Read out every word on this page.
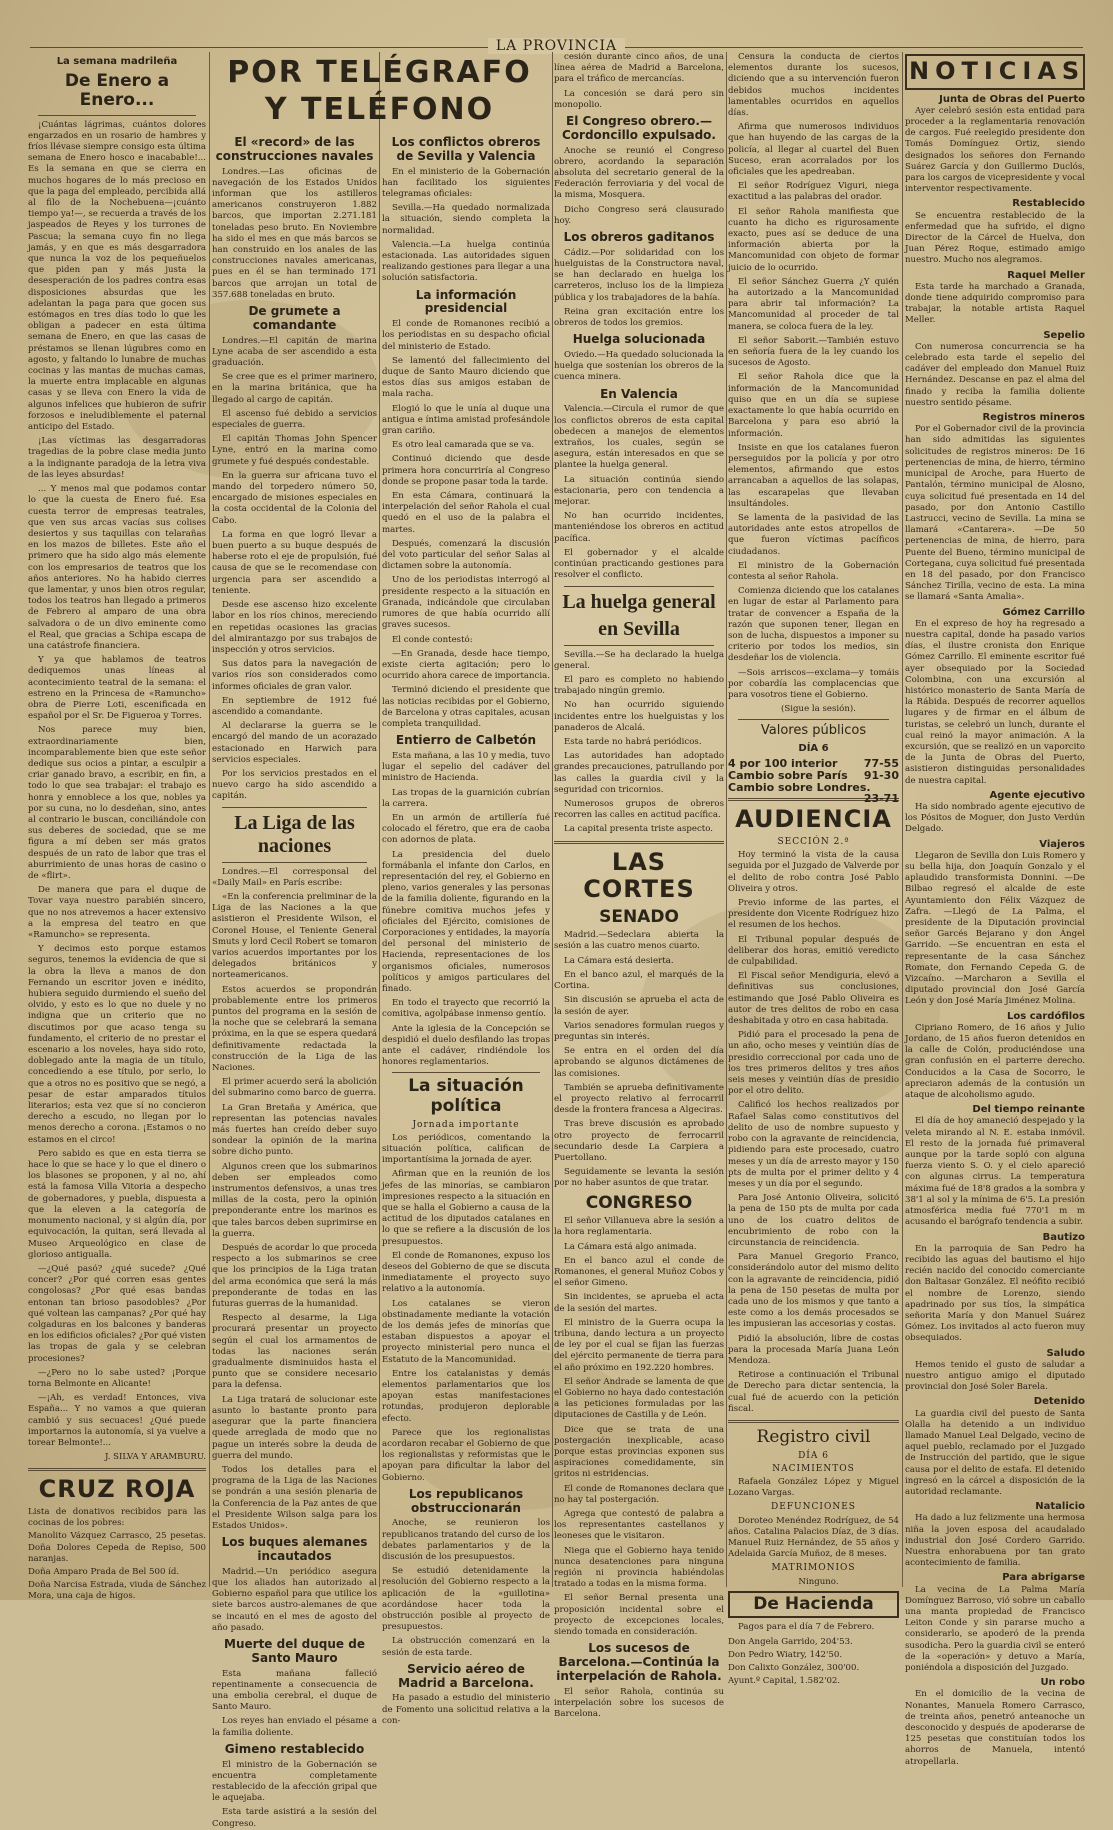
LA PROVINCIA
La semana madrileña
De Enero a Enero...

¡Cuántas lágrimas, cuántos dolores engarzados en un rosario de hambres y fríos llévase siempre consigo esta última semana de Enero hosco e inacabable!... Es la semana en que se cierra en muchos hogares de lo más precioso en que la paga del empleado, percibida allá al filo de la Nochebuena—¡cuánto tiempo ya!—, se recuerda a través de los jaspeados de Reyes y los turrones de Pascua; la semana cuyo fin no llega jamás, y en que es más desgarradora que nunca la voz de los pequeñuelos que piden pan y más justa la desesperación de los padres contra esas disposiciones absurdas que les adelantan la paga para que gocen sus estómagos en tres días todo lo que les obligan a padecer en esta última semana de Enero, en que las casas de préstamos se llenan lúgubres como en agosto, y faltando lo lunabre de muchas cocinas y las mantas de muchas camas, la muerte entra implacable en algunas casas y se lleva con Enero la vida de algunos infelices que hubieron de sufrir forzosos e ineludiblemente el paternal anticipo del Estado.

¡Las víctimas las desgarradoras tragedias de la pobre clase media junto a la indignante paradoja de la letra viva de las leyes absurdas!

... Y menos mal que podamos contar lo que la cuesta de Enero fué. Esa cuesta terror de empresas teatrales, que ven sus arcas vacías sus colises desiertos y sus taquillas con telarañas en los mazos de billetes. Este año el primero que ha sido algo más elemente con los empresarios de teatros que los años anteriores. No ha habido cierres que lamentar, y unos bien otros regular, todos los teatros han llegado a primeros de Febrero al amparo de una obra salvadora o de un divo eminente como el Real, que gracias a Schipa escapa de una catástrofe financiera.

Y ya que hablamos de teatros dediquemos unas líneas al acontecimiento teatral de la semana: el estreno en la Princesa de «Ramuncho» obra de Pierre Loti, escenificada en español por el Sr. De Figueroa y Torres.

Nos parece muy bien, extraordinariamente bien, incomparablemente bien que este señor dedique sus ocios a pintar, a esculpir a criar ganado bravo, a escribir, en fin, a todo lo que sea trabajar: el trabajo es honra y ennoblece a los que, nobles ya por su cuna, no lo desdeñan, sino, antes al contrario le buscan, conciliándole con sus deberes de sociedad, que se me figura a mí deben ser más gratos después de un rato de labor que tras el aburrimiento de unas horas de casino o de «flirt».

De manera que para el duque de Tovar vaya nuestro parabién sincero, que no nos atrevemos a hacer extensivo a la empresa del teatro en que «Ramuncho» se representa.

Y decimos esto porque estamos seguros, tenemos la evidencia de que si la obra la lleva a manos de don Fernando un escritor joven e inédito, hubiera seguido durmiendo el sueño del olvido, y esto es lo que no duele y no indigna que un criterio que no discutimos por que acaso tenga su fundamento, el criterio de no prestar el escenario a los noveles, haya sido roto, doblegado ante la magia de un título, concediendo a ese título, por serlo, lo que a otros no es positivo que se negó, a pesar de estar amparados títulos literarios; esta vez que sí no concieron derecho a escudo, no llegan por lo menos derecho a corona. ¡Estamos o no estamos en el circo!

Pero sabido es que en esta tierra se hace lo que se hace y lo que el dinero o los blasones se proponen, y al no, ahí está la famosa Villa Vitoria a despecho de gobernadores, y puebla, dispuesta a que la eleven a la categoría de monumento nacional, y si algún día, por equivocación, la quitan, será llevada al Museo Arqueológico en clase de glorioso antigualla.

—¿Qué pasó? ¿qué sucede? ¿Qué concer? ¿Por qué corren esas gentes congolosas? ¿Por qué esas bandas entonan tan brioso pasodobles? ¿Por qué voltean las campanas? ¿Por qué hay colgaduras en los balcones y banderas en los edificios oficiales? ¿Por qué visten las tropas de gala y se celebran procesiones?

—¿Pero no lo sabe usted? ¡Porque torna Belmonte en Alicante!

—¡Ah, es verdad! Entonces, viva España... Y no vamos a que quieran cambió y sus secuaces! ¿Qué puede importarnos la autonomía, si ya vuelve a torear Belmonte!...

J. SILVA Y ARAMBURU.
CRUZ ROJA

Lista de donativos recibidos para las cocinas de los pobres:

Manolito Vázquez Carrasco, 25 pesetas. Doña Dolores Cepeda de Repiso, 500 naranjas.

Doña Amparo Prada de Bel 500 íd.

Doña Narcisa Estrada, viuda de Sánchez Mora, una caja de higos.

POR TELÉGRAFO
Y TELÉFONO
El «record» de las construcciones navales

Londres.—Las oficinas de navegación de los Estados Unidos informan que los astilleros americanos construyeron 1.882 barcos, que importan 2.271.181 toneladas peso bruto. En Noviembre ha sido el mes en que más barcos se han construido en los anales de las construcciones navales americanas, pues en él se han terminado 171 barcos que arrojan un total de 357.688 toneladas en bruto.

De grumete a comandante

Londres.—El capitán de marina Lyne acaba de ser ascendido a esta graduación.

Se cree que es el primer marinero, en la marina británica, que ha llegado al cargo de capitán.

El ascenso fué debido a servicios especiales de guerra.

El capitán Thomas John Spencer Lyne, entró en la marina como grumete y fué después condestable.

En la guerra sur africana tuvo el mando del torpedero número 50, encargado de misiones especiales en la costa occidental de la Colonia del Cabo.

La forma en que logró llevar a buen puerto a su buque después de haberse roto el eje de propulsión, fué causa de que se le recomendase con urgencia para ser ascendido a teniente.

Desde ese ascenso hizo excelente labor en los ríos chinos, mereciendo en repetidas ocasiones las gracias del almirantazgo por sus trabajos de inspección y otros servicios.

Sus datos para la navegación de varios ríos son considerados como informes oficiales de gran valor.

En septiembre de 1912 fué ascendido a comandante.

Al declararse la guerra se le encargó del mando de un acorazado estacionado en Harwich para servicios especiales.

Por los servicios prestados en el nuevo cargo ha sido ascendido a capitán.

La Liga de las naciones

Londres.—El corresponsal del «Daily Mail» en París escribe:

«En la conferencia preliminar de la Liga de las Naciones a la que asistieron el Presidente Wilson, el Coronel House, el Teniente General Smuts y lord Cecil Robert se tomaron varios acuerdos importantes por los delegados británicos y norteamericanos.

Estos acuerdos se propondrán probablemente entre los primeros puntos del programa en la sesión de la noche que se celebrará la semana próxima, en la que se espera quedará definitivamente redactada la construcción de la Liga de las Naciones.

El primer acuerdo será la abolición del submarino como barco de guerra.

La Gran Bretaña y América, que representan las potencias navales más fuertes han creído deber suyo sondear la opinión de la marina sobre dicho punto.

Algunos creen que los submarinos deben ser empleados como instrumentos defensivos, a unas tres millas de la costa, pero la opinión preponderante entre los marinos es que tales barcos deben suprimirse en la guerra.

Después de acordar lo que proceda respecto a los submarinos se cree que los principios de la Liga tratan del arma económica que será la más preponderante de todas en las futuras guerras de la humanidad.

Respecto al desarme, la Liga procurará presentar un proyecto según el cual los armamentos de todas las naciones serán gradualmente disminuidos hasta el punto que se considere necesario para la defensa.

La Liga tratará de solucionar este asunto lo bastante pronto para asegurar que la parte financiera quede arreglada de modo que no pague un interés sobre la deuda de guerra del mundo.

Todos los detalles para el programa de la Liga de las Naciones se pondrán a una sesión plenaria de la Conferencia de la Paz antes de que el Presidente Wilson salga para los Estados Unidos».

Los buques alemanes incautados

Madrid.—Un periódico asegura que los aliados han autorizado al Gobierno español para que utilice los siete barcos austro-alemanes de que se incautó en el mes de agosto del año pasado.

Muerte del duque de Santo Mauro

Esta mañana falleció repentinamente a consecuencia de una embolia cerebral, el duque de Santo Mauro.

Los reyes han enviado el pésame a la familia doliente.

Gimeno restablecido

El ministro de la Gobernación se encuentra completamente restablecido de la afección gripal que le aquejaba.

Esta tarde asistirá a la sesión del Congreso.

Los conflictos obreros de Sevilla y Valencia

En el ministerio de la Gobernación han facilitado los siguientes telegramas oficiales:

Sevilla.—Ha quedado normalizada la situación, siendo completa la normalidad.

Valencia.—La huelga continúa estacionada. Las autoridades siguen realizando gestiones para llegar a una solución satisfactoria.

La información presidencial

El conde de Romanones recibió a los periodistas en su despacho oficial del ministerio de Estado.

Se lamentó del fallecimiento del duque de Santo Mauro diciendo que estos días sus amigos estaban de mala racha.

Elogió lo que le unía al duque una antigua e íntima amistad profesándole gran cariño.

Es otro leal camarada que se va.

Continuó diciendo que desde primera hora concurriría al Congreso donde se propone pasar toda la tarde.

En esta Cámara, continuará la interpelación del señor Rahola el cual quedó en el uso de la palabra el martes.

Después, comenzará la discusión del voto particular del señor Salas al dictamen sobre la autonomía.

Uno de los periodistas interrogó al presidente respecto a la situación en Granada, indicándole que circulaban rumores de que había ocurrido allí graves sucesos.

El conde contestó:

—En Granada, desde hace tiempo, existe cierta agitación; pero lo ocurrido ahora carece de importancia.

Terminó diciendo el presidente que las noticias recibidas por el Gobierno, de Barcelona y otras capitales, acusan completa tranquilidad.

Entierro de Calbetón

Esta mañana, a las 10 y media, tuvo lugar el sepelio del cadáver del ministro de Hacienda.

Las tropas de la guarnición cubrían la carrera.

En un armón de artillería fué colocado el féretro, que era de caoba con adornos de plata.

La presidencia del duelo formábanla el infante don Carlos, en representación del rey, el Gobierno en pleno, varios generales y las personas de la familia doliente, figurando en la fúnebre comitiva muchos jefes y oficiales del Ejército, comisiones de Corporaciones y entidades, la mayoría del personal del ministerio de Hacienda, representaciones de los organismos oficiales, numerosos políticos y amigos particulares del finado.

En todo el trayecto que recorrió la comitiva, agolpábase inmenso gentío.

Ante la iglesia de la Concepción se despidió el duelo desfilando las tropas ante el cadáver, rindiéndole los honores reglamentarios.

La situación política
Jornada importante

Los periódicos, comentando la situación política, califican de importantísima la jornada de ayer.

Afirman que en la reunión de los jefes de las minorías, se cambiaron impresiones respecto a la situación en que se halla el Gobierno a causa de la actitud de los diputados catalanes en lo que se refiere a la discusión de los presupuestos.

El conde de Romanones, expuso los deseos del Gobierno de que se discuta inmediatamente el proyecto suyo relativo a la autonomía.

Los catalanes se vieron obstinadamente mediante la votación de los demás jefes de minorías que estaban dispuestos a apoyar el proyecto ministerial pero nunca el Estatuto de la Mancomunidad.

Entre los catalanistas y demás elementos parlamentarios que los apoyan estas manifestaciones rotundas, produjeron deplorable efecto.

Parece que los regionalistas acordaron recabar el Gobierno de que los regionalistas y reformistas que le apoyan para dificultar la labor del Gobierno.

Los republicanos obstruccionarán

Anoche, se reunieron los republicanos tratando del curso de los debates parlamentarios y de la discusión de los presupuestos.

Se estudió detenidamente la resolución del Gobierno respecto a la aplicación de la «guillotina» acordándose hacer toda la obstrucción posible al proyecto de presupuestos.

La obstrucción comenzará en la sesión de esta tarde.

Servicio aéreo de Madrid a Barcelona.

Ha pasado a estudio del ministerio de Fomento una solicitud relativa a la con-

cesión durante cinco años, de una línea aérea de Madrid a Barcelona, para el tráfico de mercancías.

La concesión se dará pero sin monopolio.

El Congreso obrero.—Cordoncillo expulsado.

Anoche se reunió el Congreso obrero, acordando la separación absoluta del secretario general de la Federación ferroviaria y del vocal de la misma, Mosquera.

Dicho Congreso será clausurado hoy.

Los obreros gaditanos

Cádiz.—Por solidaridad con los huelguistas de la Constructora naval, se han declarado en huelga los carreteros, incluso los de la limpieza pública y los trabajadores de la bahía.

Reina gran excitación entre los obreros de todos los gremios.

Huelga solucionada

Oviedo.—Ha quedado solucionada la huelga que sostenían los obreros de la cuenca minera.

En Valencia

Valencia.—Circula el rumor de que los conflictos obreros de esta capital obedecen a manejos de elementos extraños, los cuales, según se asegura, están interesados en que se plantee la huelga general.

La situación continúa siendo estacionaria, pero con tendencia a mejorar.

No han ocurrido incidentes, manteniéndose los obreros en actitud pacífica.

El gobernador y el alcalde continúan practicando gestiones para resolver el conflicto.

La huelga general
en Sevilla

Sevilla.—Se ha declarado la huelga general.

El paro es completo no habiendo trabajado ningún gremio.

No han ocurrido siguiendo incidentes entre los huelguistas y los panaderos de Alcalá.

Esta tarde no habrá periódicos.

Las autoridades han adoptado grandes precauciones, patrullando por las calles la guardia civil y la seguridad con tricornios.

Numerosos grupos de obreros recorren las calles en actitud pacífica.

La capital presenta triste aspecto.

LAS CORTES
SENADO

Madrid.—Sedeclara abierta la sesión a las cuatro menos cuarto.

La Cámara está desierta.

En el banco azul, el marqués de la Cortina.

Sin discusión se aprueba el acta de la sesión de ayer.

Varios senadores formulan ruegos y preguntas sin interés.

Se entra en el orden del día aprobando se algunos dictámenes de las comisiones.

También se aprueba definitivamente el proyecto relativo al ferrocarril desde la frontera francesa a Algeciras.

Tras breve discusión es aprobado otro proyecto de ferrocarril secundario desde La Carpiera a Puertollano.

Seguidamente se levanta la sesión por no haber asuntos de que tratar.

CONGRESO

El señor Villanueva abre la sesión a la hora reglamentaria.

La Cámara está algo animada.

En el banco azul el conde de Romanones, el general Muñoz Cobos y el señor Gimeno.

Sin incidentes, se aprueba el acta de la sesión del martes.

El ministro de la Guerra ocupa la tribuna, dando lectura a un proyecto de ley por el cual se fijan las fuerzas del ejército permanente de tierra para el año próximo en 192.220 hombres.

El señor Andrade se lamenta de que el Gobierno no haya dado contestación a las peticiones formuladas por las diputaciones de Castilla y de León.

Dice que se trata de una postergación inexplicable, acaso porque estas provincias exponen sus aspiraciones comedidamente, sin gritos ni estridencias.

El conde de Romanones declara que no hay tal postergación.

Agrega que contestó de palabra a los representantes castellanos y leoneses que le visitaron.

Niega que el Gobierno haya tenido nunca desatenciones para ninguna región ni provincia habiéndolas tratado a todas en la misma forma.

El señor Bernal presenta una proposición incidental sobre el proyecto de excepciones locales, siendo tomada en consideración.

Los sucesos de Barcelona.—Continúa la interpelación de Rahola.

El señor Rahola, continúa su interpelación sobre los sucesos de Barcelona.

Censura la conducta de ciertos elementos durante los sucesos, diciendo que a su intervención fueron debidos muchos incidentes lamentables ocurridos en aquellos días.

Afirma que numerosos individuos que han huyendo de las cargas de la policía, al llegar al cuartel del Buen Suceso, eran acorralados por los oficiales que les apedreaban.

El señor Rodríguez Viguri, niega exactitud a las palabras del orador.

El señor Rahola manifiesta que cuanto ha dicho es rigurosamente exacto, pues así se deduce de una información abierta por la Mancomunidad con objeto de formar juicio de lo ocurrido.

El señor Sánchez Guerra ¿Y quién ha autorizado a la Mancomunidad para abrir tal información? La Mancomunidad al proceder de tal manera, se coloca fuera de la ley.

El señor Saborit.—También estuvo en señoría fuera de la ley cuando los sucesos de Agosto.

El señor Rahola dice que la información de la Mancomunidad quiso que en un día se supiese exactamente lo que había ocurrido en Barcelona y para eso abrió la información.

Insiste en que los catalanes fueron perseguidos por la policía y por otro elementos, afirmando que estos arrancaban a aquellos de las solapas, las escarapelas que llevaban insultándoles.

Se lamenta de la pasividad de las autoridades ante estos atropellos de que fueron víctimas pacíficos ciudadanos.

El ministro de la Gobernación contesta al señor Rahola.

Comienza diciendo que los catalanes en lugar de estar al Parlamento para tratar de convencer a España de la razón que suponen tener, llegan en son de lucha, dispuestos a imponer su criterio por todos los medios, sin desdeñar los de violencia.

—Sois arriscos—exclama—y tomáis por cobardía las complacencias que para vosotros tiene el Gobierno.

(Sigue la sesión).

Valores públicos
DÍA 6
4 por 100 interior 77-55
Cambio sobre París 91-30
Cambio sobre Londres.
23-71
AUDIENCIA
SECCIÓN 2.ª

Hoy terminó la vista de la causa seguida por el Juzgado de Valverde por el delito de robo contra José Pablo Oliveira y otros.

Previo informe de las partes, el presidente don Vicente Rodríguez hizo el resumen de los hechos.

El Tribunal popular después de deliberar dos horas, emitió veredicto de culpabilidad.

El Fiscal señor Mendiguria, elevó a definitivas sus conclusiones, estimando que José Pablo Oliveira es autor de tres delitos de robo en casa deshabitada y otro en casa habitada.

Pidió para el procesado la pena de un año, ocho meses y veintiún días de presidio correccional por cada uno de los tres primeros delitos y tres años seis meses y veintiún días de presidio por el otro delito.

Calificó los hechos realizados por Rafael Salas como constitutivos del delito de uso de nombre supuesto y robo con la agravante de reincidencia, pidiendo para este procesado, cuatro meses y un día de arresto mayor y 150 pts de multa por el primer delito y 4 meses y un día por el segundo.

Para José Antonio Oliveira, solicitó la pena de 150 pts de multa por cada uno de los cuatro delitos de encubrimiento de robo con la circunstancia de reincidencia.

Para Manuel Gregorio Franco, considerándolo autor del mismo delito con la agravante de reincidencia, pidió la pena de 150 pesetas de multa por cada uno de los mismos y que tanto a este como a los demás procesados se les impusieran las accesorias y costas.

Pidió la absolución, libre de costas para la procesada María Juana León Mendoza.

Retirose a continuación el Tribunal de Derecho para dictar sentencia, la cual fué de acuerdo con la petición fiscal.

Registro civil
DÍA 6
NACIMIENTOS

Rafaela González López y Miguel Lozano Vargas.

DEFUNCIONES

Doroteo Menéndez Rodríguez, de 54 años. Catalina Palacios Díaz, de 3 días. Manuel Ruiz Hernández, de 55 años y Adelaida García Muñoz, de 8 meses.

MATRIMONIOS

Ninguno.

De Hacienda

Pagos para el día 7 de Febrero.

Don Angela Garrido, 204'53.

Don Pedro Wiatry, 142'50.

Don Calixto González, 300'00.

Ayunt.º Capital, 1.582'02.

NOTICIAS
Junta de Obras del Puerto

Ayer celebró sesión esta entidad para proceder a la reglamentaria renovación de cargos. Fué reelegido presidente don Tomás Domínguez Ortiz, siendo designados los señores don Fernando Suárez García y don Guillermo Duclós, para los cargos de vicepresidente y vocal interventor respectivamente.

Restablecido

Se encuentra restablecido de la enfermedad que ha sufrido, el digno Director de la Cárcel de Huelva, don Juan Pérez Roque, estimado amigo nuestro. Mucho nos alegramos.

Raquel Meller

Esta tarde ha marchado a Granada, donde tiene adquirido compromiso para trabajar, la notable artista Raquel Meller.

Sepelio

Con numerosa concurrencia se ha celebrado esta tarde el sepelio del cadáver del empleado don Manuel Ruiz Hernández. Descanse en paz el alma del finado y reciba la familia doliente nuestro sentido pésame.

Registros mineros

Por el Gobernador civil de la provincia han sido admitidas las siguientes solicitudes de registros mineros: De 16 pertenencias de mina, de hierro, término municipal de Aroche, para Huerto de Pantalón, término municipal de Alosno, cuya solicitud fué presentada en 14 del pasado, por don Antonio Castillo Lastrucci, vecino de Sevilla. La mina se llamará «Cantarera». —De 50 pertenencias de mina, de hierro, para Puente del Bueno, término municipal de Cortegana, cuya solicitud fué presentada en 18 del pasado, por don Francisco Sánchez Tirilla, vecino de esta. La mina se llamará «Santa Amalia».

Gómez Carrillo

En el expreso de hoy ha regresado a nuestra capital, donde ha pasado varios días, el ilustre cronista don Enrique Gómez Carrillo. El eminente escritor fué ayer obsequiado por la Sociedad Colombina, con una excursión al histórico monasterio de Santa María de la Rábida. Después de recorrer aquellos lugares y de firmar en el álbum de turistas, se celebró un lunch, durante el cual reinó la mayor animación. A la excursión, que se realizó en un vaporcito de la Junta de Obras del Puerto, asistieron distinguidas personalidades de nuestra capital.

Agente ejecutivo

Ha sido nombrado agente ejecutivo de los Pósitos de Moguer, don Justo Verdún Delgado.

Viajeros

Llegaron de Sevilla don Luis Romero y su bella hija, don Joaquín Gonzalo y el aplaudido transformista Donnini. —De Bilbao regresó el alcalde de este Ayuntamiento don Félix Vázquez de Zafra. —Llegó de La Palma, el presidente de la Diputación provincial señor Garcés Bejarano y don Ángel Garrido. —Se encuentran en esta el representante de la casa Sánchez Romate, don Fernando Cepeda G. de Vizcaíno. —Marcharon a Sevilla el diputado provincial don José García León y don José María Jiménez Molina.

Los cardófilos

Cipriano Romero, de 16 años y Julio Jordano, de 15 años fueron detenidos en la calle de Colón, produciéndose una gran confusión en el parterre derecho. Conducidos a la Casa de Socorro, le apreciaron además de la contusión un ataque de alcoholismo agudo.

Del tiempo reinante

El día de hoy amaneció despejado y la veleta mirando al N. E. estaba inmóvil. El resto de la jornada fué primaveral aunque por la tarde sopló con alguna fuerza viento S. O. y el cielo apareció con algunas cirrus. La temperatura máxima fué de 18'8 grados a la sombra y 38'1 al sol y la mínima de 6'5. La presión atmosférica media fué 770'1 m m acusando el barógrafo tendencia a subir.

Bautizo

En la parroquia de San Pedro ha recibido las aguas del bautismo el hijo recién nacido del conocido comerciante don Baltasar González. El neófito recibió el nombre de Lorenzo, siendo apadrinado por sus tíos, la simpática señorita María y don Manuel Suárez Gómez. Los invitados al acto fueron muy obsequiados.

Saludo

Hemos tenido el gusto de saludar a nuestro antiguo amigo el diputado provincial don José Soler Barela.

Detenido

La guardia civil del puesto de Santa Olalla ha detenido a un individuo llamado Manuel Leal Delgado, vecino de aquel pueblo, reclamado por el Juzgado de Instrucción del partido, que le sigue causa por el delito de estafa. El detenido ingresó en la cárcel a disposición de la autoridad reclamante.

Natalicio

Ha dado a luz felizmente una hermosa niña la joven esposa del acaudalado industrial don José Cordero Garrido. Nuestra enhorabuena por tan grato acontecimiento de familia.

Para abrigarse

La vecina de La Palma María Domínguez Barroso, vió sobre un caballo una manta propiedad de Francisco Leiton Conde y sin pararse mucho a considerarlo, se apoderó de la prenda susodicha. Pero la guardia civil se enteró de la «operación» y detuvo a María, poniéndola a disposición del Juzgado.

Un robo

En el domicilio de la vecina de Nonantes, Manuela Romero Carrasco, de treinta años, penetró anteanoche un desconocido y después de apoderarse de 125 pesetas que constituían todos los ahorros de Manuela, intentó atropellarla.
